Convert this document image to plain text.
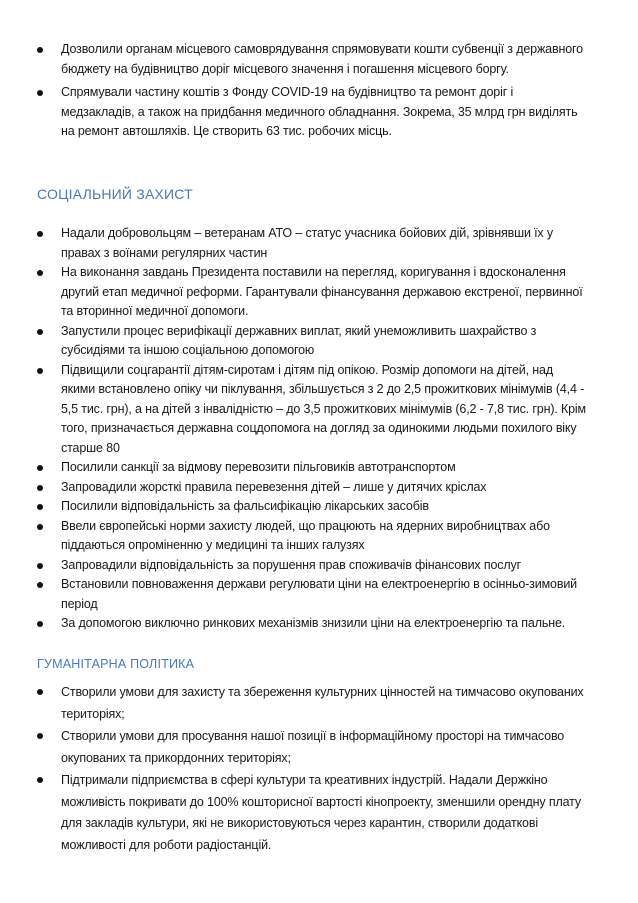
Дозволили органам місцевого самоврядування спрямовувати кошти субвенції з державного бюджету на будівництво доріг місцевого значення і погашення місцевого боргу.
Спрямували частину коштів з Фонду COVID-19 на будівництво та ремонт доріг і медзакладів, а також на придбання медичного обладнання. Зокрема, 35 млрд грн виділять на ремонт автошляхів. Це створить 63 тис. робочих місць.
СОЦІАЛЬНИЙ ЗАХИСТ
Надали добровольцям – ветеранам АТО – статус учасника бойових дій, зрівнявши їх у правах з воїнами регулярних частин
На виконання завдань Президента поставили на перегляд, коригування і вдосконалення другий етап медичної реформи. Гарантували фінансування державою екстреної, первинної та вторинної медичної допомоги.
Запустили процес верифікації державних виплат, який унеможливить шахрайство з субсидіями та іншою соціальною допомогою
Підвищили соцгарантії дітям-сиротам і дітям під опікою. Розмір допомоги на дітей, над якими встановлено опіку чи піклування, збільшується з 2 до 2,5 прожиткових мінімумів (4,4 - 5,5 тис. грн), а на дітей з інвалідністю – до 3,5 прожиткових мінімумів (6,2 - 7,8 тис. грн). Крім того, призначається державна соцдопомога на догляд за одинокими людьми похилого віку старше 80
Посилили санкції за відмову перевозити пільговиків автотранспортом
Запровадили жорсткі правила перевезення дітей – лише у дитячих кріслах
Посилили відповідальність за фальсифікацію лікарських засобів
Ввели європейські норми захисту людей, що працюють на ядерних виробництвах або піддаються опроміненню у медицині та інших галузях
Запровадили відповідальність за порушення прав споживачів фінансових послуг
Встановили повноваження держави регулювати ціни на електроенергію в осінньо-зимовий період
За допомогою виключно ринкових механізмів знизили ціни на електроенергію та пальне.
ГУМАНІТАРНА ПОЛІТИКА
Створили умови для захисту та збереження культурних цінностей на тимчасово окупованих територіях;
Створили умови для просування нашої позиції в інформаційному просторі на тимчасово окупованих та прикордонних територіях;
Підтримали підприємства в сфері культури та креативних індустрій. Надали Держкіно можливість покривати до 100% кошторисної вартості кінопроекту, зменшили орендну плату для закладів культури, які не використовуються через карантин, створили додаткові можливості для роботи радіостанцій.
